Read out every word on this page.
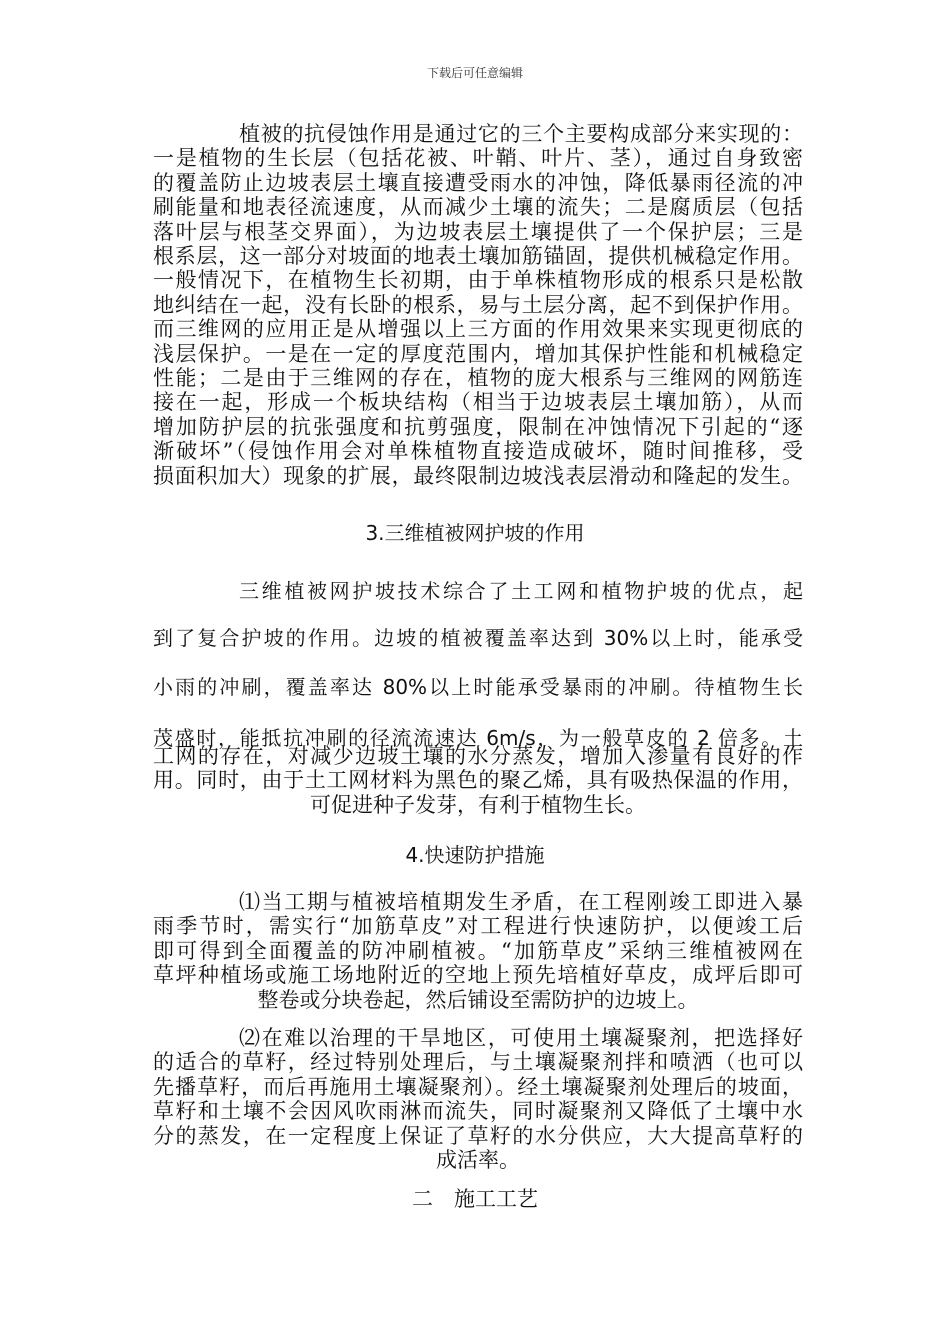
下载后可任意编辑
植被的抗侵蚀作用是通过它的三个主要构成部分来实现的：
一是植物的生长层（包括花被、叶鞘、叶片、茎），通过自身致密
的覆盖防止边坡表层土壤直接遭受雨水的冲蚀，降低暴雨径流的冲
刷能量和地表径流速度，从而减少土壤的流失；二是腐质层（包括
落叶层与根茎交界面），为边坡表层土壤提供了一个保护层；三是
根系层，这一部分对坡面的地表土壤加筋锚固，提供机械稳定作用。
一般情况下，在植物生长初期，由于单株植物形成的根系只是松散
地纠结在一起，没有长卧的根系，易与土层分离，起不到保护作用。
而三维网的应用正是从增强以上三方面的作用效果来实现更彻底的
浅层保护。一是在一定的厚度范围内，增加其保护性能和机械稳定
性能；二是由于三维网的存在，植物的庞大根系与三维网的网筋连
接在一起，形成一个板块结构（相当于边坡表层土壤加筋），从而
增加防护层的抗张强度和抗剪强度，限制在冲蚀情况下引起的“逐
渐破坏”（侵蚀作用会对单株植物直接造成破坏，随时间推移，受
损面积加大）现象的扩展，最终限制边坡浅表层滑动和隆起的发生。
3.三维植被网护坡的作用
三维植被网护坡技术综合了土工网和植物护坡的优点，起
到了复合护坡的作用。边坡的植被覆盖率达到 30%以上时，能承受
小雨的冲刷，覆盖率达 80%以上时能承受暴雨的冲刷。待植物生长
茂盛时，能抵抗冲刷的径流流速达 6m/s，为一般草皮的 2 倍多。土
工网的存在，对减少边坡土壤的水分蒸发，增加入渗量有良好的作
用。同时，由于土工网材料为黑色的聚乙烯，具有吸热保温的作用，
可促进种子发芽，有利于植物生长。
4.快速防护措施
⑴当工期与植被培植期发生矛盾，在工程刚竣工即进入暴
雨季节时，需实行“加筋草皮”对工程进行快速防护，以便竣工后
即可得到全面覆盖的防冲刷植被。“加筋草皮”采纳三维植被网在
草坪种植场或施工场地附近的空地上预先培植好草皮，成坪后即可
整卷或分块卷起，然后铺设至需防护的边坡上。
⑵在难以治理的干旱地区，可使用土壤凝聚剂，把选择好
的适合的草籽，经过特别处理后，与土壤凝聚剂拌和喷洒（也可以
先播草籽，而后再施用土壤凝聚剂）。经土壤凝聚剂处理后的坡面，
草籽和土壤不会因风吹雨淋而流失，同时凝聚剂又降低了土壤中水
分的蒸发，在一定程度上保证了草籽的水分供应，大大提高草籽的
成活率。
二　施工工艺
